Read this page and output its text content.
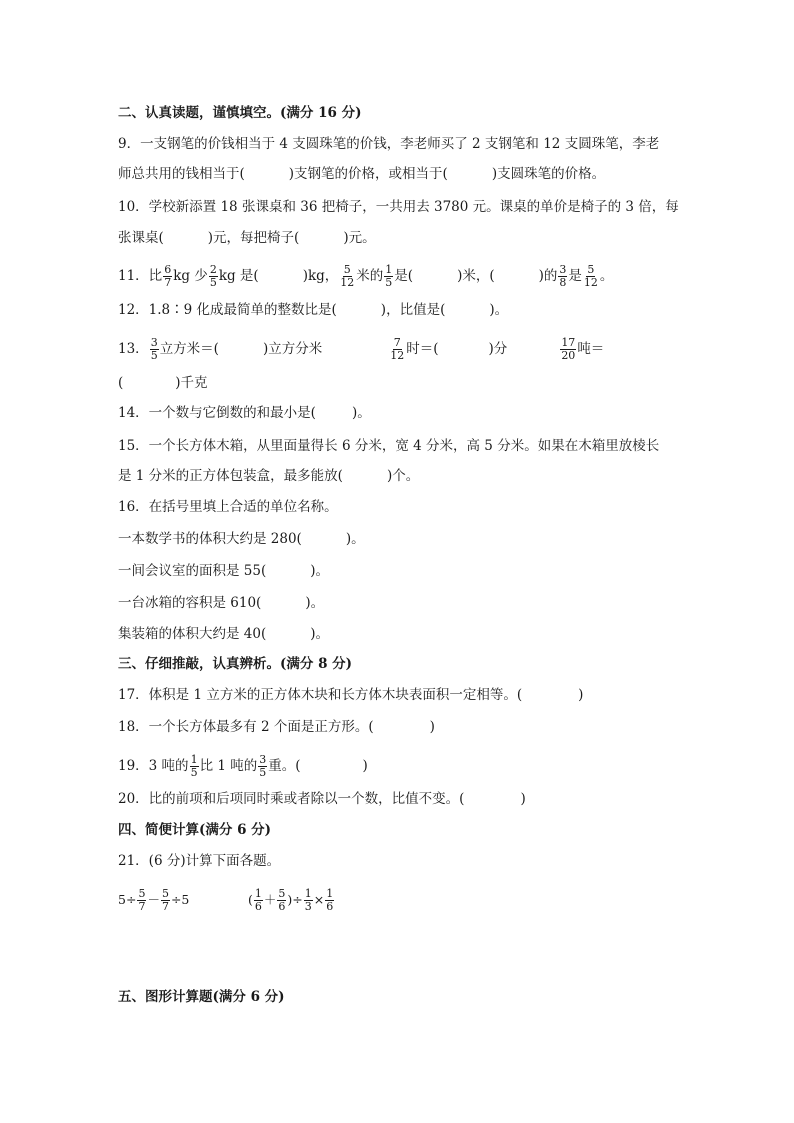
二、认真读题，谨慎填空。(满分 16 分)
9．一支钢笔的价钱相当于 4 支圆珠笔的价钱，李老师买了 2 支钢笔和 12 支圆珠笔，李老
师总共用的钱相当于(	)支钢笔的价格，或相当于(	)支圆珠笔的价格。
10．学校新添置 18 张课桌和 36 把椅子，一共用去 3780 元。课桌的单价是椅子的 3 倍，每
张课桌(	)元，每把椅子(	)元。
11．比 $\frac{6}{7}$ kg 少 $\frac{2}{5}$ kg 是(	)kg， $\frac{5}{12}$ 米的 $\frac{1}{5}$ 是(	)米，(	)的 $\frac{3}{8}$ 是 $\frac{5}{12}$ 。
12．1.8∶9 化成最简单的整数比是(	)，比值是(	)。
13． $\frac{3}{5}$ 立方米＝(	)立方分米	$\frac{7}{12}$ 时＝(	)分	$\frac{17}{20}$ 吨＝
(	)千克
14．一个数与它倒数的和最小是(	)。
15．一个长方体木箱，从里面量得长 6 分米，宽 4 分米，高 5 分米。如果在木箱里放棱长
是 1 分米的正方体包装盒，最多能放(	)个。
16．在括号里填上合适的单位名称。
一本数学书的体积大约是 280(	)。
一间会议室的面积是 55(	)。
一台冰箱的容积是 610(	)。
集装箱的体积大约是 40(	)。
三、仔细推敲，认真辨析。(满分 8 分)
17．体积是 1 立方米的正方体木块和长方体木块表面积一定相等。(	)
18．一个长方体最多有 2 个面是正方形。(	)
19．3 吨的 $\frac{1}{5}$ 比 1 吨的 $\frac{3}{5}$ 重。(	)
20．比的前项和后项同时乘或者除以一个数，比值不变。(	)
四、简便计算(满分 6 分)
21．(6 分)计算下面各题。
$5\div \frac{5}{7} - \frac{5}{7} \div 5$	( $\frac{1}{6} + \frac{5}{6}$ )÷ $\frac{1}{3} \times \frac{1}{6}$
五、图形计算题(满分 6 分)
